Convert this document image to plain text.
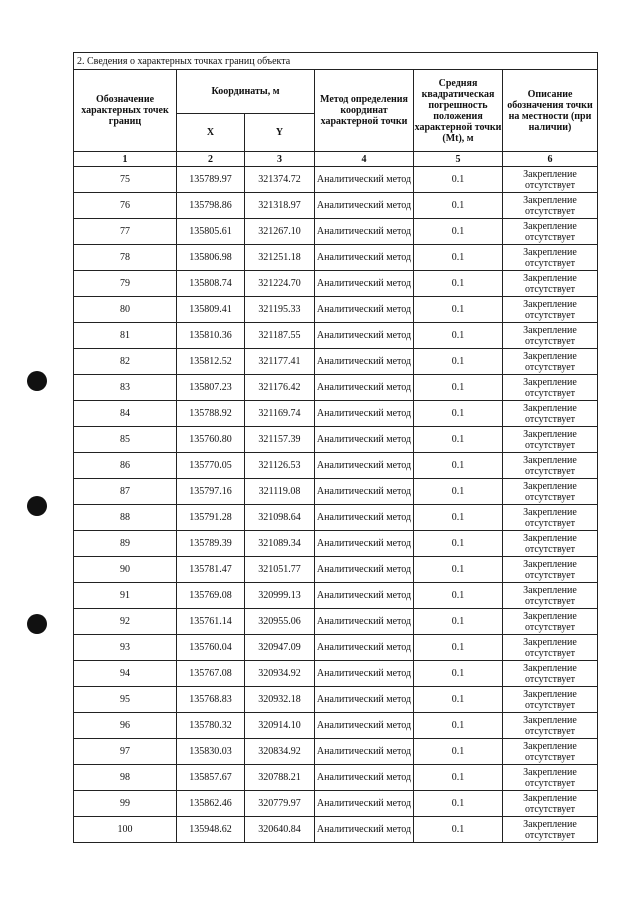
2. Сведения о характерных точках границ объекта					
Обозначение характерных точек границ	Координаты, м		Метод определения координат характерной точки	Средняя квадратическая погрешность положения характерной точки (Mt), м	Описание обозначения точки на местности (при наличии)
	X	Y			
1	2	3	4	5	6
75	135789.97	321374.72	Аналитический метод	0.1	Закрепление отсутствует
76	135798.86	321318.97	Аналитический метод	0.1	Закрепление отсутствует
77	135805.61	321267.10	Аналитический метод	0.1	Закрепление отсутствует
78	135806.98	321251.18	Аналитический метод	0.1	Закрепление отсутствует
79	135808.74	321224.70	Аналитический метод	0.1	Закрепление отсутствует
80	135809.41	321195.33	Аналитический метод	0.1	Закрепление отсутствует
81	135810.36	321187.55	Аналитический метод	0.1	Закрепление отсутствует
82	135812.52	321177.41	Аналитический метод	0.1	Закрепление отсутствует
83	135807.23	321176.42	Аналитический метод	0.1	Закрепление отсутствует
84	135788.92	321169.74	Аналитический метод	0.1	Закрепление отсутствует
85	135760.80	321157.39	Аналитический метод	0.1	Закрепление отсутствует
86	135770.05	321126.53	Аналитический метод	0.1	Закрепление отсутствует
87	135797.16	321119.08	Аналитический метод	0.1	Закрепление отсутствует
88	135791.28	321098.64	Аналитический метод	0.1	Закрепление отсутствует
89	135789.39	321089.34	Аналитический метод	0.1	Закрепление отсутствует
90	135781.47	321051.77	Аналитический метод	0.1	Закрепление отсутствует
91	135769.08	320999.13	Аналитический метод	0.1	Закрепление отсутствует
92	135761.14	320955.06	Аналитический метод	0.1	Закрепление отсутствует
93	135760.04	320947.09	Аналитический метод	0.1	Закрепление отсутствует
94	135767.08	320934.92	Аналитический метод	0.1	Закрепление отсутствует
95	135768.83	320932.18	Аналитический метод	0.1	Закрепление отсутствует
96	135780.32	320914.10	Аналитический метод	0.1	Закрепление отсутствует
97	135830.03	320834.92	Аналитический метод	0.1	Закрепление отсутствует
98	135857.67	320788.21	Аналитический метод	0.1	Закрепление отсутствует
99	135862.46	320779.97	Аналитический метод	0.1	Закрепление отсутствует
100	135948.62	320640.84	Аналитический метод	0.1	Закрепление отсутствует
